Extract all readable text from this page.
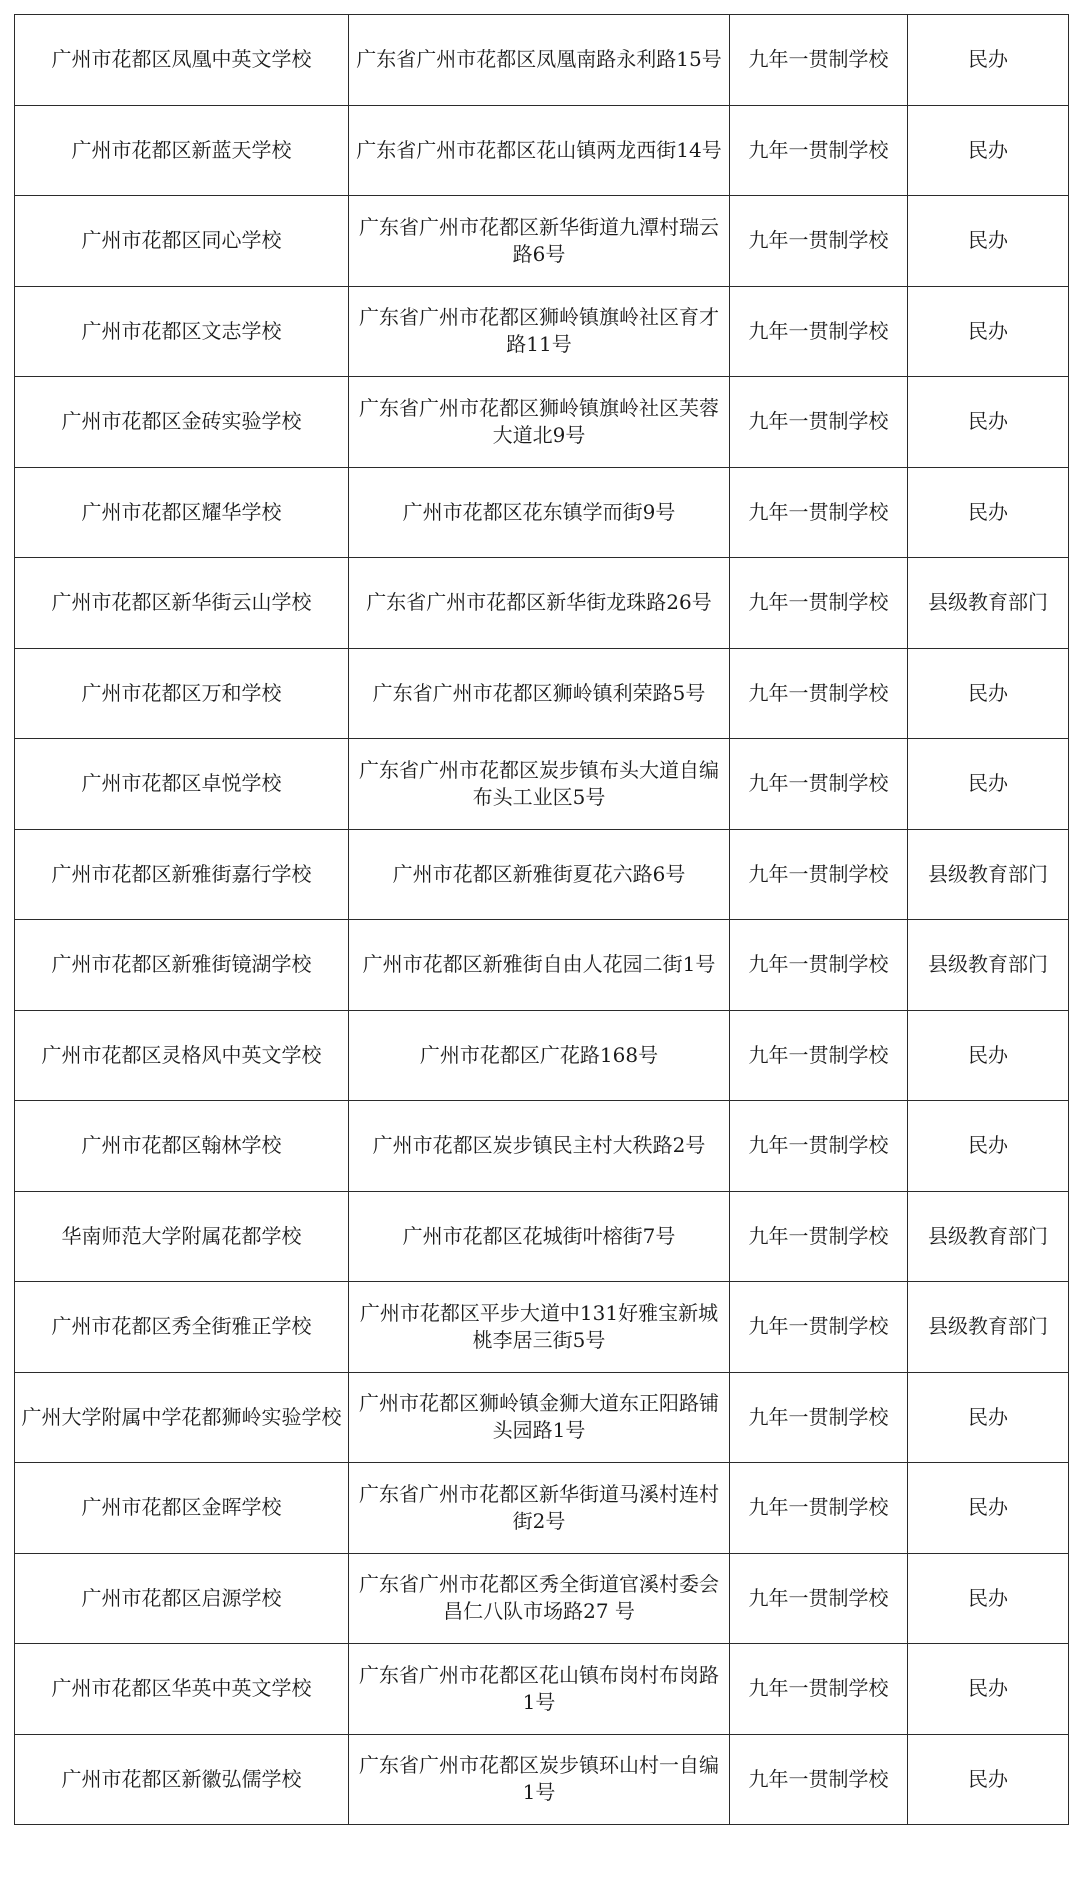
广州市花都区凤凰中英文学校	广东省广州市花都区凤凰南路永利路15号	九年一贯制学校	民办
广州市花都区新蓝天学校	广东省广州市花都区花山镇两龙西街14号	九年一贯制学校	民办
广州市花都区同心学校	广东省广州市花都区新华街道九潭村瑞云路6号	九年一贯制学校	民办
广州市花都区文志学校	广东省广州市花都区狮岭镇旗岭社区育才路11号	九年一贯制学校	民办
广州市花都区金砖实验学校	广东省广州市花都区狮岭镇旗岭社区芙蓉大道北9号	九年一贯制学校	民办
广州市花都区耀华学校	广州市花都区花东镇学而街9号	九年一贯制学校	民办
广州市花都区新华街云山学校	广东省广州市花都区新华街龙珠路26号	九年一贯制学校	县级教育部门
广州市花都区万和学校	广东省广州市花都区狮岭镇利荣路5号	九年一贯制学校	民办
广州市花都区卓悦学校	广东省广州市花都区炭步镇布头大道自编布头工业区5号	九年一贯制学校	民办
广州市花都区新雅街嘉行学校	广州市花都区新雅街夏花六路6号	九年一贯制学校	县级教育部门
广州市花都区新雅街镜湖学校	广州市花都区新雅街自由人花园二街1号	九年一贯制学校	县级教育部门
广州市花都区灵格风中英文学校	广州市花都区广花路168号	九年一贯制学校	民办
广州市花都区翰林学校	广州市花都区炭步镇民主村大秩路2号	九年一贯制学校	民办
华南师范大学附属花都学校	广州市花都区花城街叶榕街7号	九年一贯制学校	县级教育部门
广州市花都区秀全街雅正学校	广州市花都区平步大道中131好雅宝新城桃李居三街5号	九年一贯制学校	县级教育部门
广州大学附属中学花都狮岭实验学校	广州市花都区狮岭镇金狮大道东正阳路铺头园路1号	九年一贯制学校	民办
广州市花都区金晖学校	广东省广州市花都区新华街道马溪村连村街2号	九年一贯制学校	民办
广州市花都区启源学校	广东省广州市花都区秀全街道官溪村委会昌仁八队市场路27 号	九年一贯制学校	民办
广州市花都区华英中英文学校	广东省广州市花都区花山镇布岗村布岗路1号	九年一贯制学校	民办
广州市花都区新徽弘儒学校	广东省广州市花都区炭步镇环山村一自编1号	九年一贯制学校	民办
